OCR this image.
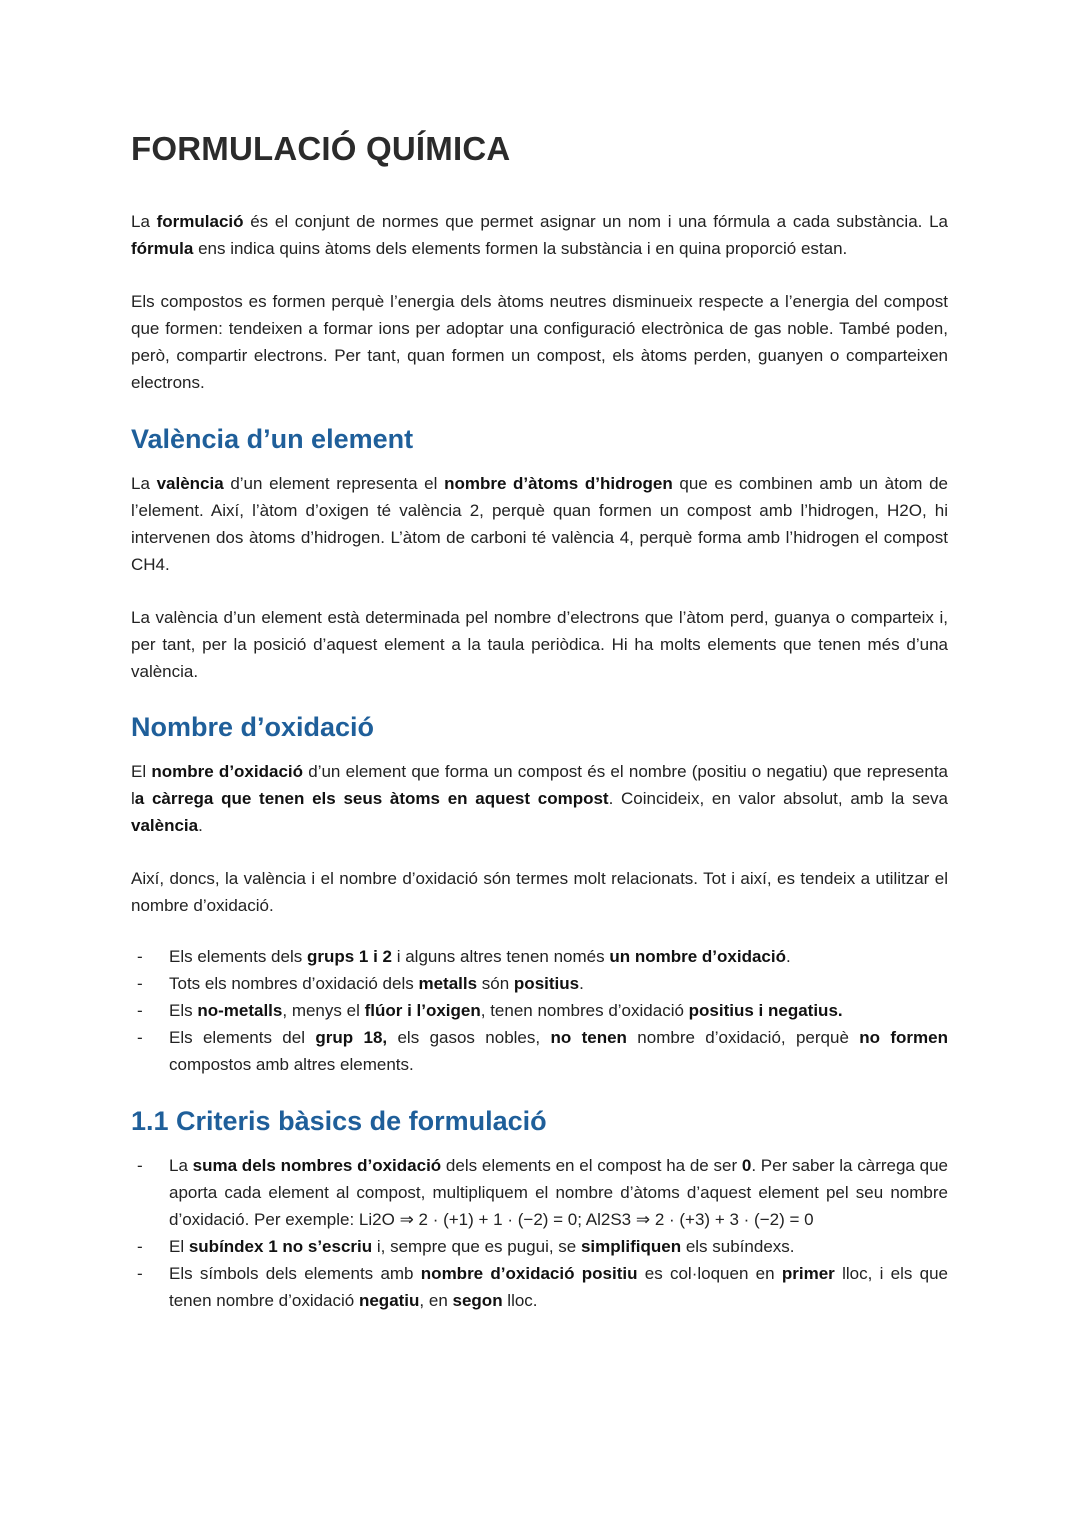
FORMULACIÓ QUÍMICA

La formulació és el conjunt de normes que permet asignar un nom i una fórmula a cada substància. La fórmula ens indica quins àtoms dels elements formen la substància i en quina proporció estan.

Els compostos es formen perquè l’energia dels àtoms neutres disminueix respecte a l’energia del compost que formen: tendeixen a formar ions per adoptar una configuració electrònica de gas noble. També poden, però, compartir electrons. Per tant, quan formen un compost, els àtoms perden, guanyen o comparteixen electrons.

València d’un element

La valència d’un element representa el nombre d’àtoms d’hidrogen que es combinen amb un àtom de l’element. Així, l’àtom d’oxigen té valència 2, perquè quan formen un compost amb l’hidrogen, H2O, hi intervenen dos àtoms d’hidrogen. L’àtom de carboni té valència 4, perquè forma amb l’hidrogen el compost CH4.

La valència d’un element està determinada pel nombre d’electrons que l’àtom perd, guanya o comparteix i, per tant, per la posició d’aquest element a la taula periòdica. Hi ha molts elements que tenen més d’una valència.

Nombre d’oxidació

El nombre d’oxidació d’un element que forma un compost és el nombre (positiu o negatiu) que representa la càrrega que tenen els seus àtoms en aquest compost. Coincideix, en valor absolut, amb la seva valència.

Així, doncs, la valència i el nombre d’oxidació són termes molt relacionats. Tot i així, es tendeix a utilitzar el nombre d’oxidació.

- Els elements dels grups 1 i 2 i alguns altres tenen només un nombre d’oxidació.
- Tots els nombres d’oxidació dels metalls són positius.
- Els no-metalls, menys el flúor i l’oxigen, tenen nombres d’oxidació positius i negatius.
- Els elements del grup 18, els gasos nobles, no tenen nombre d’oxidació, perquè no formen compostos amb altres elements.
1.1 Criteris bàsics de formulació
- La suma dels nombres d’oxidació dels elements en el compost ha de ser 0. Per saber la càrrega que aporta cada element al compost, multipliquem el nombre d’àtoms d’aquest element pel seu nombre d’oxidació. Per exemple: Li2O ⇒ 2 · (+1) + 1 · (−2) = 0; Al2S3 ⇒ 2 · (+3) + 3 · (−2) = 0
- El subíndex 1 no s’escriu i, sempre que es pugui, se simplifiquen els subíndexs.
- Els símbols dels elements amb nombre d’oxidació positiu es col·loquen en primer lloc, i els que tenen nombre d’oxidació negatiu, en segon lloc.
